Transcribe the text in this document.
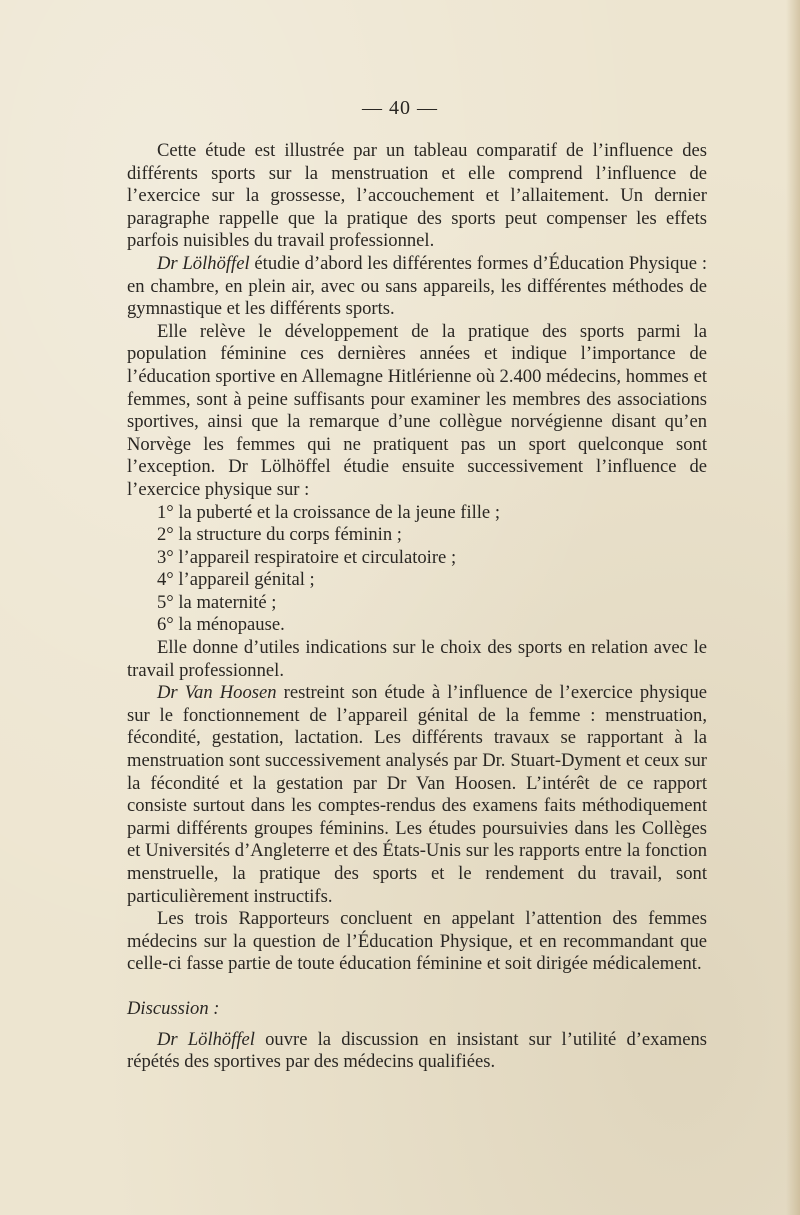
— 40 —

Cette étude est illustrée par un tableau comparatif de l’influence des différents sports sur la menstruation et elle comprend l’influence de l’exercice sur la grossesse, l’accouchement et l’allaitement. Un dernier paragraphe rappelle que la pratique des sports peut compenser les effets parfois nuisibles du travail professionnel.

Dr Lölhöffel étudie d’abord les différentes formes d’Éducation Physique : en chambre, en plein air, avec ou sans appareils, les différentes méthodes de gymnastique et les différents sports.

Elle relève le développement de la pratique des sports parmi la population féminine ces dernières années et indique l’importance de l’éducation sportive en Allemagne Hitlérienne où 2.400 médecins, hommes et femmes, sont à peine suffisants pour examiner les membres des associations sportives, ainsi que la remarque d’une collègue norvégienne disant qu’en Norvège les femmes qui ne pratiquent pas un sport quelconque sont l’exception. Dr Lölhöffel étudie ensuite successivement l’influence de l’exercice physique sur :

1° la puberté et la croissance de la jeune fille ;
2° la structure du corps féminin ;
3° l’appareil respiratoire et circulatoire ;
4° l’appareil génital ;
5° la maternité ;
6° la ménopause.

Elle donne d’utiles indications sur le choix des sports en relation avec le travail professionnel.

Dr Van Hoosen restreint son étude à l’influence de l’exercice physique sur le fonctionnement de l’appareil génital de la femme : menstruation, fécondité, gestation, lactation. Les différents travaux se rapportant à la menstruation sont successivement analysés par Dr. Stuart-Dyment et ceux sur la fécondité et la gestation par Dr Van Hoosen. L’intérêt de ce rapport consiste surtout dans les comptes-rendus des examens faits méthodiquement parmi différents groupes féminins. Les études poursuivies dans les Collèges et Universités d’Angleterre et des États-Unis sur les rapports entre la fonction menstruelle, la pratique des sports et le rendement du travail, sont particulièrement instructifs.

Les trois Rapporteurs concluent en appelant l’attention des femmes médecins sur la question de l’Éducation Physique, et en recommandant que celle-ci fasse partie de toute éducation féminine et soit dirigée médicalement.

Discussion :

Dr Lölhöffel ouvre la discussion en insistant sur l’utilité d’examens répétés des sportives par des médecins qualifiées.
